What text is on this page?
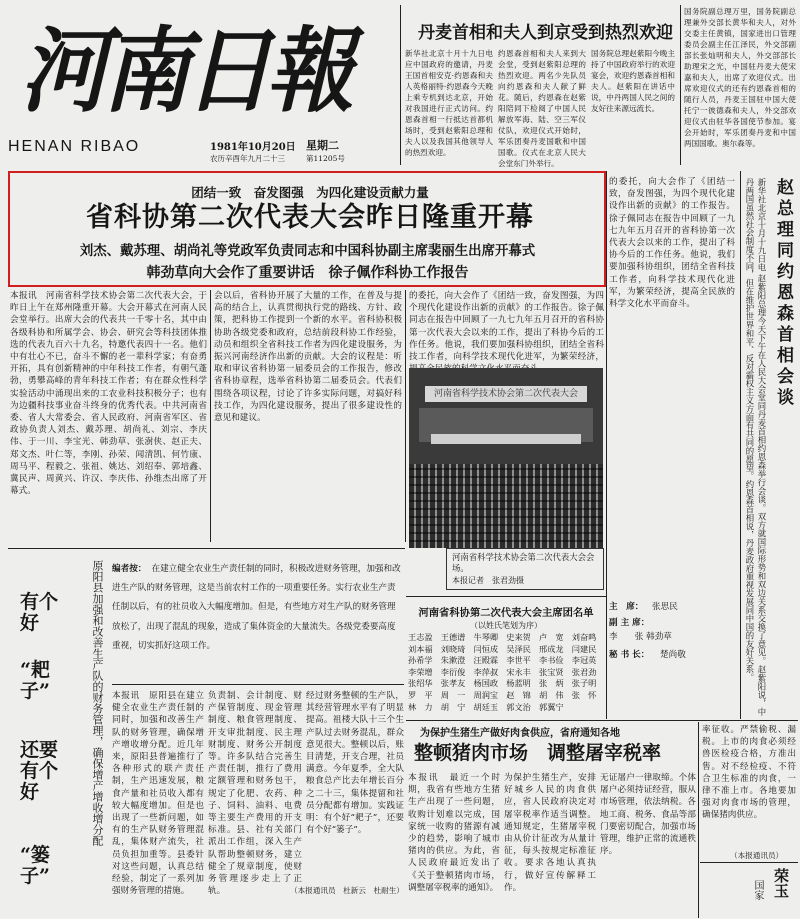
河南日報
HENAN RIBAO	1981年10月20日 星期二
农历辛酉年九月二十三	第11205号
丹麦首相和夫人到京受到热烈欢迎
新华社北京十月十九日电 应中国政府的邀请，丹麦王国首相安克·约恩森和夫人英格丽特·约恩森今天晚上乘专机到达北京，开始对我国进行正式访问。约恩森首相一行抵达首都机场时，受到赵紫阳总理和夫人以及我国其他领导人的热烈欢迎。
约恩森首相和夫人来到大会堂，受到赵紫阳总理的热烈欢迎。两名少先队员向约恩森和夫人献了鲜花。随后，约恩森在赵紫阳陪同下检阅了中国人民解放军海、陆、空三军仪仗队，欢迎仪式开始时，军乐团奏丹麦国歌和中国国歌。仪式在北京人民大会堂东门外举行。
国务院总理赵紫阳今晚主持了中国政府举行的欢迎宴会，欢迎约恩森首相和夫人。赵紫阳在讲话中说，中丹两国人民之间的友好往来源远流长。
国务院副总理万里，国务院副总理兼外交部长黄华和夫人，对外交委主任黄镇，国家进出口管理委员会副主任江泽民，外交部副部长张灿明和夫人，外交部部长助理宋之光，中国驻丹麦大使宋嘉和夫人，出席了欢迎仪式。出席欢迎仪式的还有约恩森首相的随行人员，丹麦王国驻中国大使托宁一彼德森和夫人，外交部欢迎仪式由驻华各国使节参加。宴会开始时，军乐团奏丹麦和中国两国国歌。奥尔森等。
团结一致　奋发图强　为四化建设贡献力量
省科协第二次代表大会昨日隆重开幕
刘杰、戴苏理、胡尚礼等党政军负责同志和中国科协副主席裴丽生出席开幕式
韩劲草向大会作了重要讲话　徐子佩作科协工作报告
本报讯　河南省科学技术协会第二次代表大会，于昨日上午在郑州隆重开幕。大会开幕式在河南人民会堂举行。出席大会的代表共一千零十名，其中由各级科协和所属学会、协会、研究会等科技团体推选的代表九百六十九名，特邀代表四十一名。他们中有壮心不已，奋斗不懈的老一辈科学家；有奋勇开拓，具有创新精神的中年科技工作者，有朝气蓬勃，勇攀高峰的青年科技工作者；有在群众性科学实验活动中涌现出来的工农业科技积极分子；也有为边疆科技事业奋斗终身的优秀代表。中共河南省委、省人大常委会、省人民政府、河南省军区、省政协负责人刘杰、戴苏理、胡尚礼、刘宗、李庆伟、于一川、李宝光、韩劲草、张澍侠、赵正夫、郑文杰、叶仁等，李刚、孙荣、闻清凯、何竹康、周马平、程毅之、张祖、姚达、刘绍奉、郭培鑫、冀民声、周黄兴、许汉、李庆伟、孙维杰出席了开幕式。
会以后，省科协开展了大量的工作，在普及与提高的结合上，认真贯彻执行党的路线、方针、政策，把科协工作提到一个新的水平。省科协积极协助各级党委和政府，总结前段科协工作经验，动员和组织全省科技工作者为四化建设服务，为振兴河南经济作出新的贡献。大会的议程是：听取和审议省科协第一届委员会的工作报告，修改省科协章程，选举省科协第二届委员会。代表们围绕各项议程，讨论了许多实际问题，对搞好科技工作，为四化建设服务，提出了很多建设性的意见和建议。
的委托，向大会作了《团结一致，奋发图强，为四个现代化建设作出新的贡献》的工作报告。徐子佩同志在报告中回顾了一九七九年五月召开的省科协第一次代表大会以来的工作，提出了科协今后的工作任务。他说，我们要加强科协组织，团结全省科技工作者，向科学技术现代化进军，为繁荣经济，
河南省科学技术协会第二次代表大会
河南省科学技术协会第二次代表大会会场。
本报记者　张君劲摄
河南省科协第二次代表大会主席团名单
（以姓氏笔划为序）
王志盈　王德谱　牛琴卿　史来贺　卢　宽　刘奋鸣　刘本福　刘晓琦　闫恒成　吴泽民　邢成龙　闫建民　孙希学　朱漱澄　汪殿霖　李世平　李书俭　李冠英　李荣增　李衍俊　李萍叔　宋永丰　张宝贤　张君劲　张绍华　张孝友　杨国政　杨蓝明　张　炳　张子明　罗　平　周　一　周润宝　赵　锦　胡　伟　张　怀　林　力　胡　宁　胡廷玉　郭文治　郭翼宁
的委托，向大会作了《团结一致，奋发图强，为四个现代化建设作出新的贡献》的工作报告。徐子佩同志在报告中回顾了一九七九年五月召开的省科协第一次代表大会以来的工作，提出了科协今后的工作任务。他说，我们要加强科协组织，团结全省科技工作者，向科学技术现代化进军，为繁荣经济，提高全民族的科学文化水平而奋斗。
主　席： 张思民
副 主 席：
李　　张 韩劲草
秘 书 长： 楚尚敬
赵总理同约恩森首相会谈
新华社北京十月十九日电 赵紫阳总理今天下午在人民大会堂同丹麦首相约恩森举行会谈。双方就国际形势和双边关系交换了意见。赵紫阳说，中丹两国虽然社会制度不同，但在维护世界和平、反对霸权主义方面有共同的愿望。约恩森首相说，丹麦政府重视发展同中国的友好关系。
有个好
“耙子”
还要有个好
“篓子”
原阳县加强和改善生产队的财务管理，确保增产增收增分配 编者按： 在建立健全农业生产责任制的同时，积极改进财务管理，加强和改进生产队的财务管理，这是当前农村工作的一项重要任务。实行农业生产责任制以后，有的社员收入大幅度增加。但是，有些地方对生产队的财务管理放松了，出现了混乱的现象，造成了集体资金的大量流失。各级党委要高度重视，切实抓好这项工作。
本报讯　原阳县在建立健全农业生产责任制的同时，加强和改善生产队的财务管理，确保增产增收增分配。近几年来，原阳县普遍推行了各种形式的联产责任制，生产迅速发展，粮食产量和社员收入都有较大幅度增加。但是也出现了一些新问题，如有的生产队财务管理混乱，集体财产流失，社员负担加重等。县委针对这些问题，认真总结经验，制定了一系列加强财务管理的措施。
负责制、会计制度、财产保管制度、现金管理制度、粮食管理制度、开支审批制度、民主理财制度、财务公开制度等。许多队结合完善生产责任制，推行了费用定额管理和财务包干，规定了化肥、农药、种子、饲料、油料、电费等主要生产费用的开支标准。县、社有关部门派出工作组，深入生产队帮助整顿财务，建立健全了规章制度，使财务管理逐步走上了正轨。
经过财务整顿的生产队，其经营管理水平有了明显提高。祖楼大队十三个生产队过去财务混乱，群众意见很大。整顿以后，账目清楚，开支合理，社员满意。今年夏季，全大队粮食总产比去年增长百分之二十三，集体提留和社员分配都有增加。实践证明：有个好“耙子”，还要有个好“篓子”。
（本报通讯员　杜新云　杜耐生）
为保护生猪生产做好肉食供应，省府通知各地
整顿猪肉市场　调整屠宰税率
本报讯　最近一个时期，我省有些地方生猪生产出现了一些问题，收购计划难以完成，国家统一收购的猪源有减少的趋势，影响了城市猪肉的供应。为此，省人民政府最近发出了《关于整顿猪肉市场，调整屠宰税率的通知》。
为保护生猪生产，安排好城乡人民的肉食供应，省人民政府决定对屠宰税率作适当调整。通知规定，生猪屠宰税由从价计征改为从量计征，每头按规定标准征收。要求各地认真执行，做好宣传解释工作。
无证屠户一律取缔。个体屠户必须持证经营，服从市场管理，依法纳税。各地工商、税务、食品等部门要密切配合，加强市场管理，维护正常的流通秩序。
率征收。严禁偷税、漏税。上市的肉食必须经兽医检疫合格，方准出售。对不经检疫、不符合卫生标准的肉食，一律不准上市。各地要加强对肉食市场的管理，确保猪肉供应。
（本报通讯员）
荣玉
国家
